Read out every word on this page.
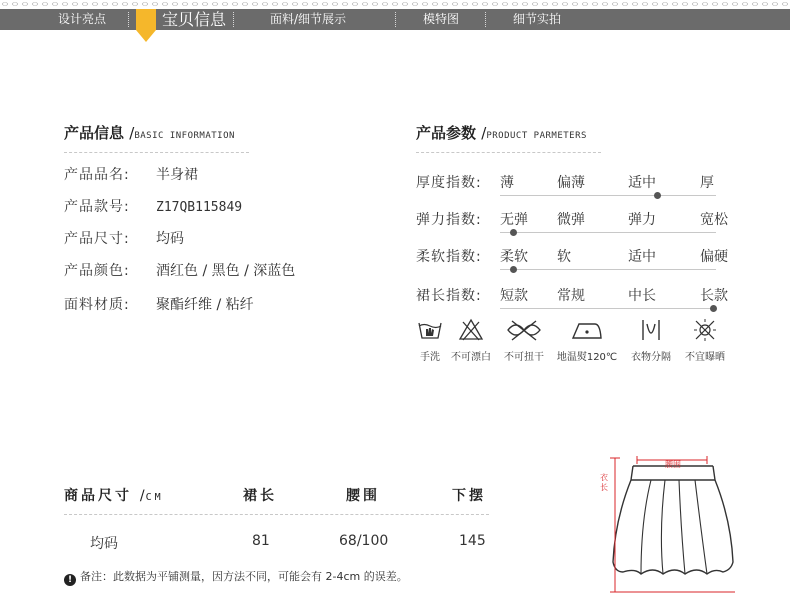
设计亮点	面料/细节展示	模特图	细节实拍
宝贝信息
产品信息 /BASIC INFORMATION
产品品名: 半身裙
产品款号: Z17QB115849
产品尺寸: 均码
产品颜色: 酒红色 / 黑色 / 深蓝色
面料材质: 聚酯纤维 / 粘纤
产品参数 /PRODUCT PARMETERS
厚度指数: 薄	偏薄	适中	厚
弹力指数: 无弹 微弹	弹力	宽松
柔软指数: 柔软 软	适中	偏硬
裙长指数: 短款 常规	中长	长款
手洗	不可漂白	不可扭干	地温熨120℃	衣物分隔	不宜曝晒
商品尺寸 /CM	裙长	腰围	下摆
均码	81	68/100	145
! 备注：此数据为平铺测量，因方法不同，可能会有 2-4cm 的误差。
腰围
衣
长
